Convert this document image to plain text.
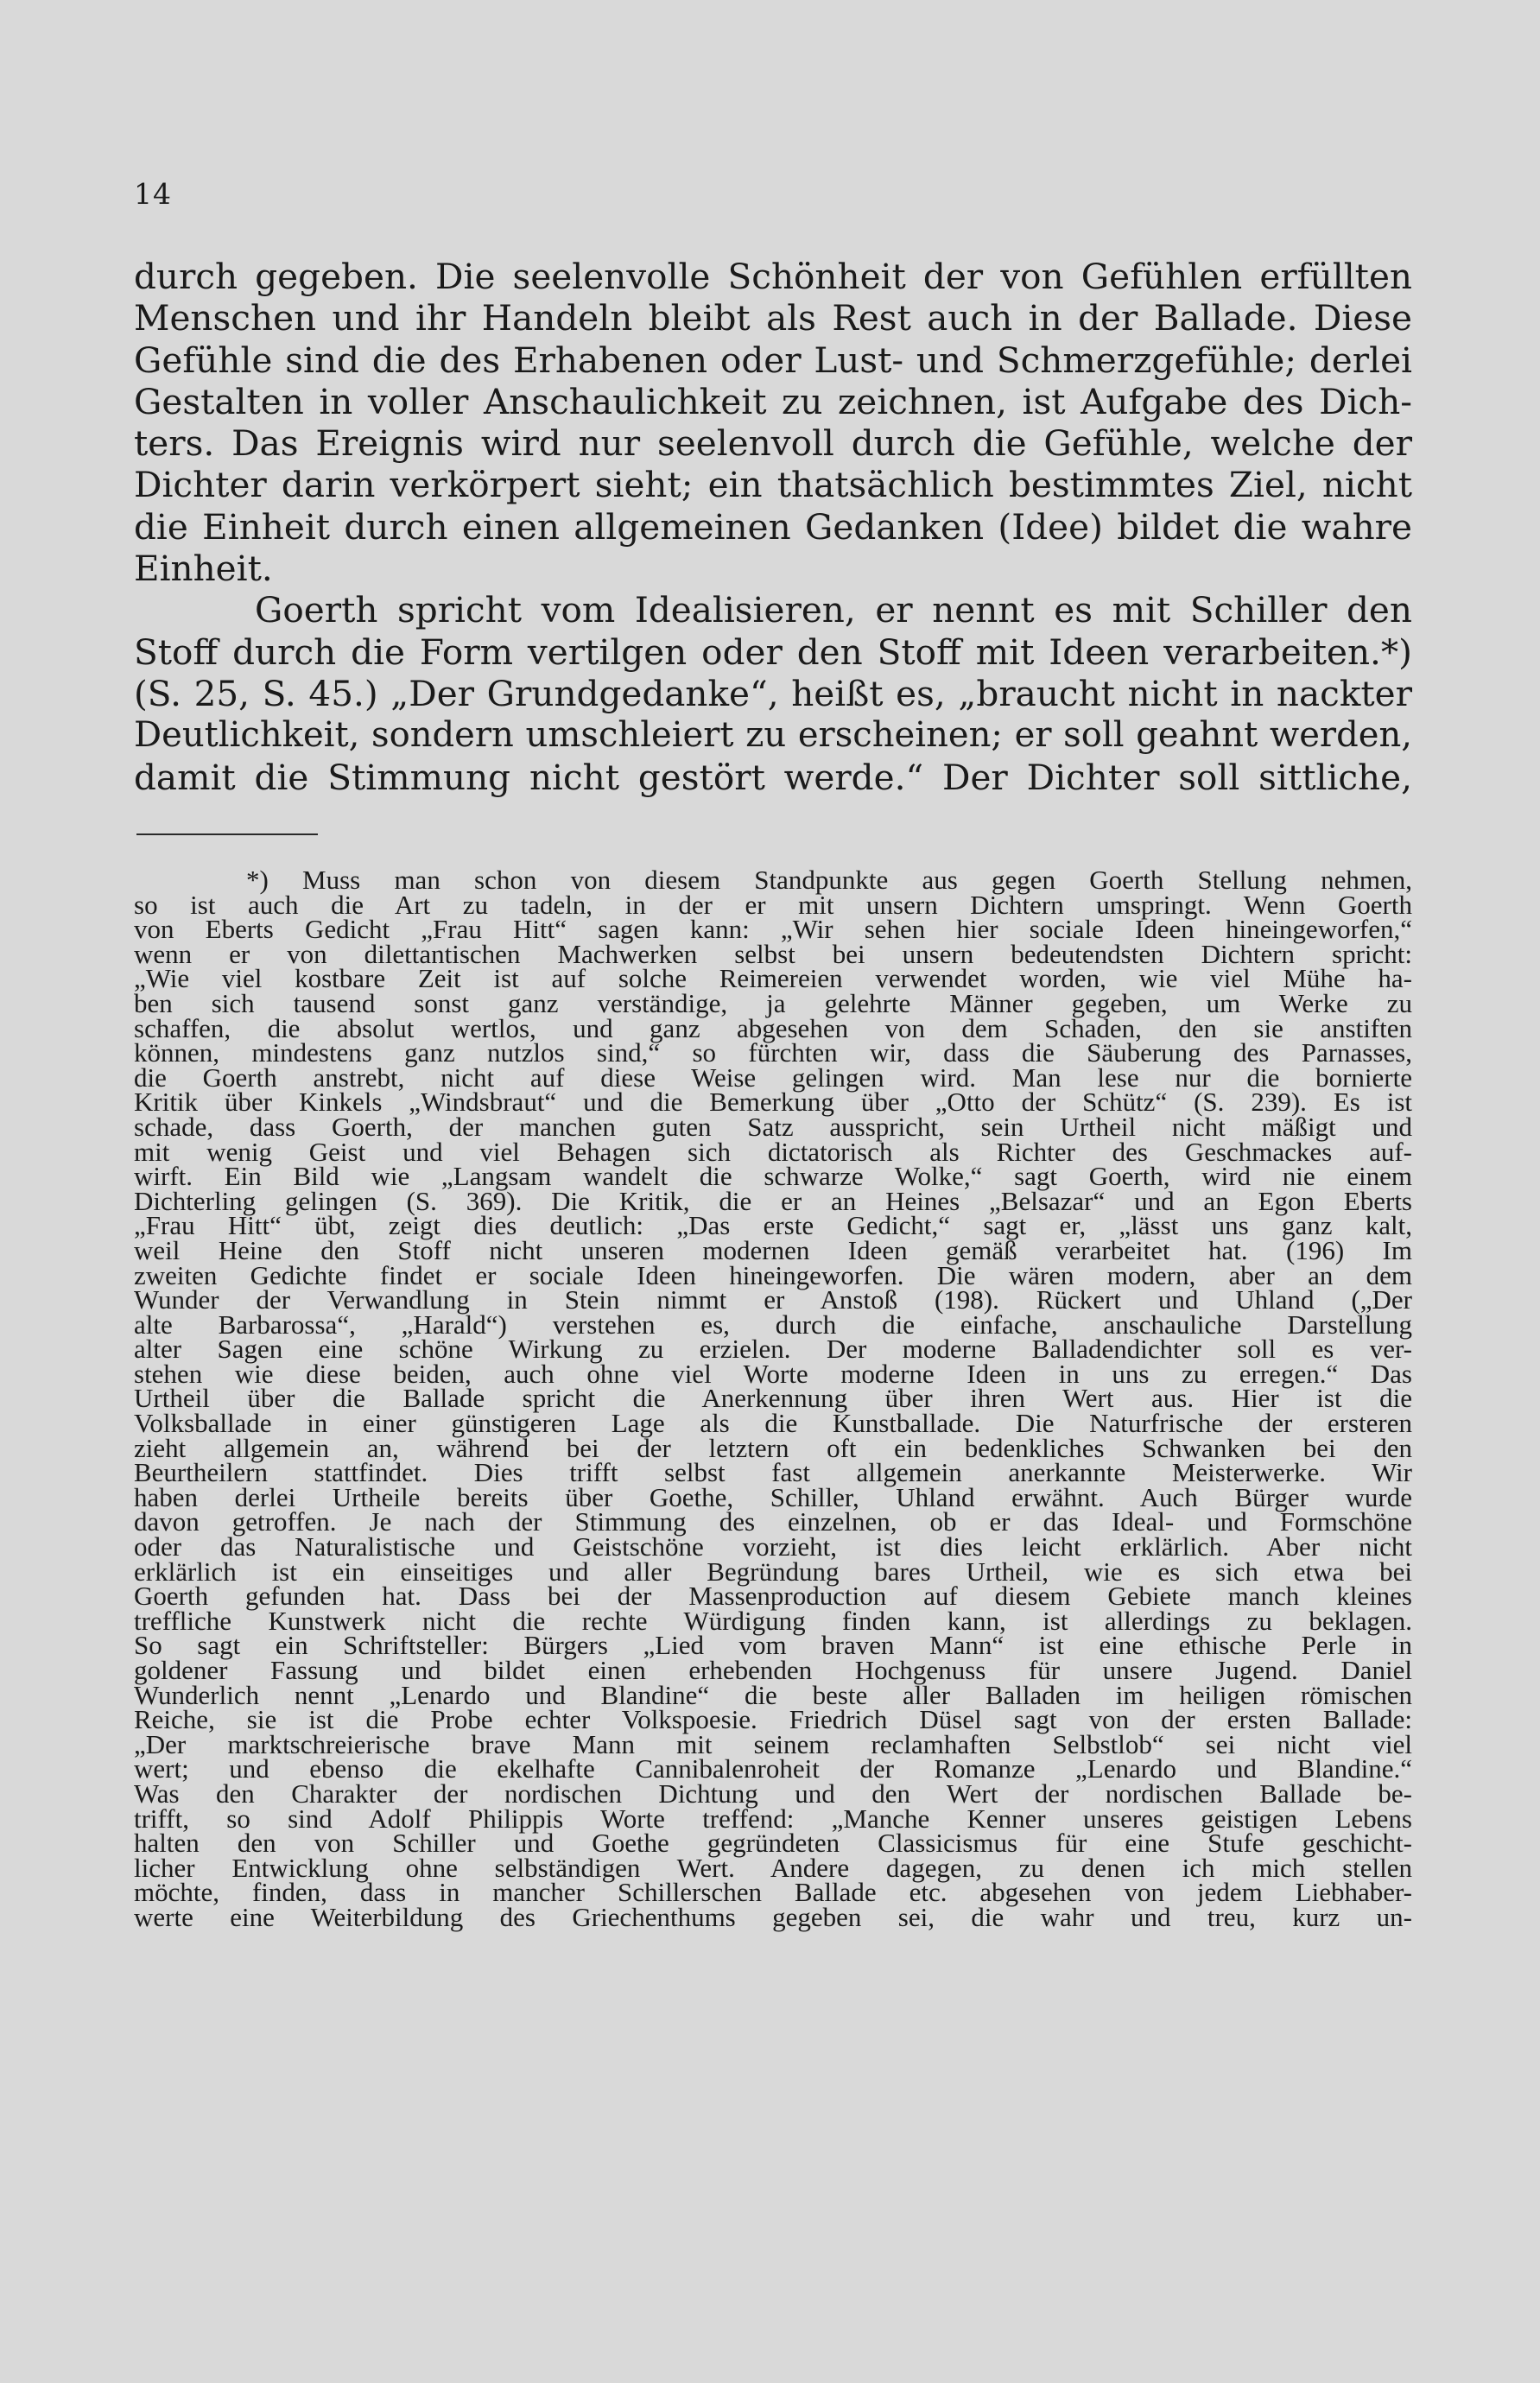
14
durch gegeben. Die seelenvolle Schönheit der von Gefühlen erfüllten
Menschen und ihr Handeln bleibt als Rest auch in der Ballade. Diese
Gefühle sind die des Erhabenen oder Lust- und Schmerzgefühle; derlei
Gestalten in voller Anschaulichkeit zu zeichnen, ist Aufgabe des Dich-
ters. Das Ereignis wird nur seelenvoll durch die Gefühle, welche der
Dichter darin verkörpert sieht; ein thatsächlich bestimmtes Ziel, nicht
die Einheit durch einen allgemeinen Gedanken (Idee) bildet die wahre
Einheit.
Goerth spricht vom Idealisieren, er nennt es mit Schiller den
Stoff durch die Form vertilgen oder den Stoff mit Ideen verarbeiten.*)
(S. 25, S. 45.) „Der Grundgedanke“, heißt es, „braucht nicht in nackter
Deutlichkeit, sondern umschleiert zu erscheinen; er soll geahnt werden,
damit die Stimmung nicht gestört werde.“ Der Dichter soll sittliche,
*) Muss man schon von diesem Standpunkte aus gegen Goerth Stellung nehmen,
so ist auch die Art zu tadeln, in der er mit unsern Dichtern umspringt. Wenn Goerth
von Eberts Gedicht „Frau Hitt“ sagen kann: „Wir sehen hier sociale Ideen hineingeworfen,“
wenn er von dilettantischen Machwerken selbst bei unsern bedeutendsten Dichtern spricht:
„Wie viel kostbare Zeit ist auf solche Reimereien verwendet worden, wie viel Mühe ha-
ben sich tausend sonst ganz verständige, ja gelehrte Männer gegeben, um Werke zu
schaffen, die absolut wertlos, und ganz abgesehen von dem Schaden, den sie anstiften
können, mindestens ganz nutzlos sind,“ so fürchten wir, dass die Säuberung des Parnasses,
die Goerth anstrebt, nicht auf diese Weise gelingen wird. Man lese nur die bornierte
Kritik über Kinkels „Windsbraut“ und die Bemerkung über „Otto der Schütz“ (S. 239). Es ist
schade, dass Goerth, der manchen guten Satz ausspricht, sein Urtheil nicht mäßigt und
mit wenig Geist und viel Behagen sich dictatorisch als Richter des Geschmackes auf-
wirft. Ein Bild wie „Langsam wandelt die schwarze Wolke,“ sagt Goerth, wird nie einem
Dichterling gelingen (S. 369). Die Kritik, die er an Heines „Belsazar“ und an Egon Eberts
„Frau Hitt“ übt, zeigt dies deutlich: „Das erste Gedicht,“ sagt er, „lässt uns ganz kalt,
weil Heine den Stoff nicht unseren modernen Ideen gemäß verarbeitet hat. (196) Im
zweiten Gedichte findet er sociale Ideen hineingeworfen. Die wären modern, aber an dem
Wunder der Verwandlung in Stein nimmt er Anstoß (198). Rückert und Uhland („Der
alte Barbarossa“, „Harald“) verstehen es, durch die einfache, anschauliche Darstellung
alter Sagen eine schöne Wirkung zu erzielen. Der moderne Balladendichter soll es ver-
stehen wie diese beiden, auch ohne viel Worte moderne Ideen in uns zu erregen.“ Das
Urtheil über die Ballade spricht die Anerkennung über ihren Wert aus. Hier ist die
Volksballade in einer günstigeren Lage als die Kunstballade. Die Naturfrische der ersteren
zieht allgemein an, während bei der letztern oft ein bedenkliches Schwanken bei den
Beurtheilern stattfindet. Dies trifft selbst fast allgemein anerkannte Meisterwerke. Wir
haben derlei Urtheile bereits über Goethe, Schiller, Uhland erwähnt. Auch Bürger wurde
davon getroffen. Je nach der Stimmung des einzelnen, ob er das Ideal- und Formschöne
oder das Naturalistische und Geistschöne vorzieht, ist dies leicht erklärlich. Aber nicht
erklärlich ist ein einseitiges und aller Begründung bares Urtheil, wie es sich etwa bei
Goerth gefunden hat. Dass bei der Massenproduction auf diesem Gebiete manch kleines
treffliche Kunstwerk nicht die rechte Würdigung finden kann, ist allerdings zu beklagen.
So sagt ein Schriftsteller: Bürgers „Lied vom braven Mann“ ist eine ethische Perle in
goldener Fassung und bildet einen erhebenden Hochgenuss für unsere Jugend. Daniel
Wunderlich nennt „Lenardo und Blandine“ die beste aller Balladen im heiligen römischen
Reiche, sie ist die Probe echter Volkspoesie. Friedrich Düsel sagt von der ersten Ballade:
„Der marktschreierische brave Mann mit seinem reclamhaften Selbstlob“ sei nicht viel
wert; und ebenso die ekelhafte Cannibalenroheit der Romanze „Lenardo und Blandine.“
Was den Charakter der nordischen Dichtung und den Wert der nordischen Ballade be-
trifft, so sind Adolf Philippis Worte treffend: „Manche Kenner unseres geistigen Lebens
halten den von Schiller und Goethe gegründeten Classicismus für eine Stufe geschicht-
licher Entwicklung ohne selbständigen Wert. Andere dagegen, zu denen ich mich stellen
möchte, finden, dass in mancher Schillerschen Ballade etc. abgesehen von jedem Liebhaber-
werte eine Weiterbildung des Griechenthums gegeben sei, die wahr und treu, kurz un-
